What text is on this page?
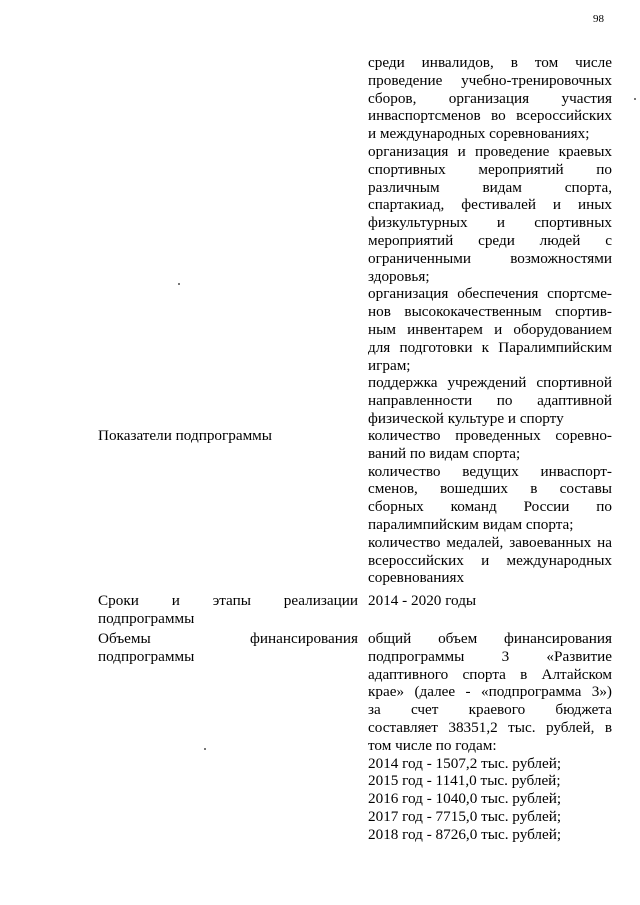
98
среди инвалидов, в том числе
проведение учебно-тренировочных
сборов, организация участия
инваспортсменов во всероссийских
и международных соревнованиях;
организация и проведение краевых
спортивных мероприятий по
различным видам спорта,
спартакиад, фестивалей и иных
физкультурных и спортивных
мероприятий среди людей с
ограниченными возможностями
здоровья;
организация обеспечения спортсме-
нов высококачественным спортив-
ным инвентарем и оборудованием
для подготовки к Паралимпийским
играм;
поддержка учреждений спортивной
направленности по адаптивной
физической культуре и спорту
Показатели подпрограммы	количество проведенных соревно-
ваний по видам спорта;
количество ведущих инваспорт-
сменов, вошедших в составы
сборных команд России по
паралимпийским видам спорта;
количество медалей, завоеванных на
всероссийских и международных
соревнованиях
Сроки и этапы реализации
подпрограммы
2014 - 2020 годы
Объемы финансирования
подпрограммы
общий объем финансирования
подпрограммы 3 «Развитие
адаптивного спорта в Алтайском
крае» (далее - «подпрограмма 3»)
за счет краевого бюджета
составляет 38351,2 тыс. рублей, в
том числе по годам:
2014 год - 1507,2 тыс. рублей;
2015 год - 1141,0 тыс. рублей;
2016 год - 1040,0 тыс. рублей;
2017 год - 7715,0 тыс. рублей;
2018 год - 8726,0 тыс. рублей;
